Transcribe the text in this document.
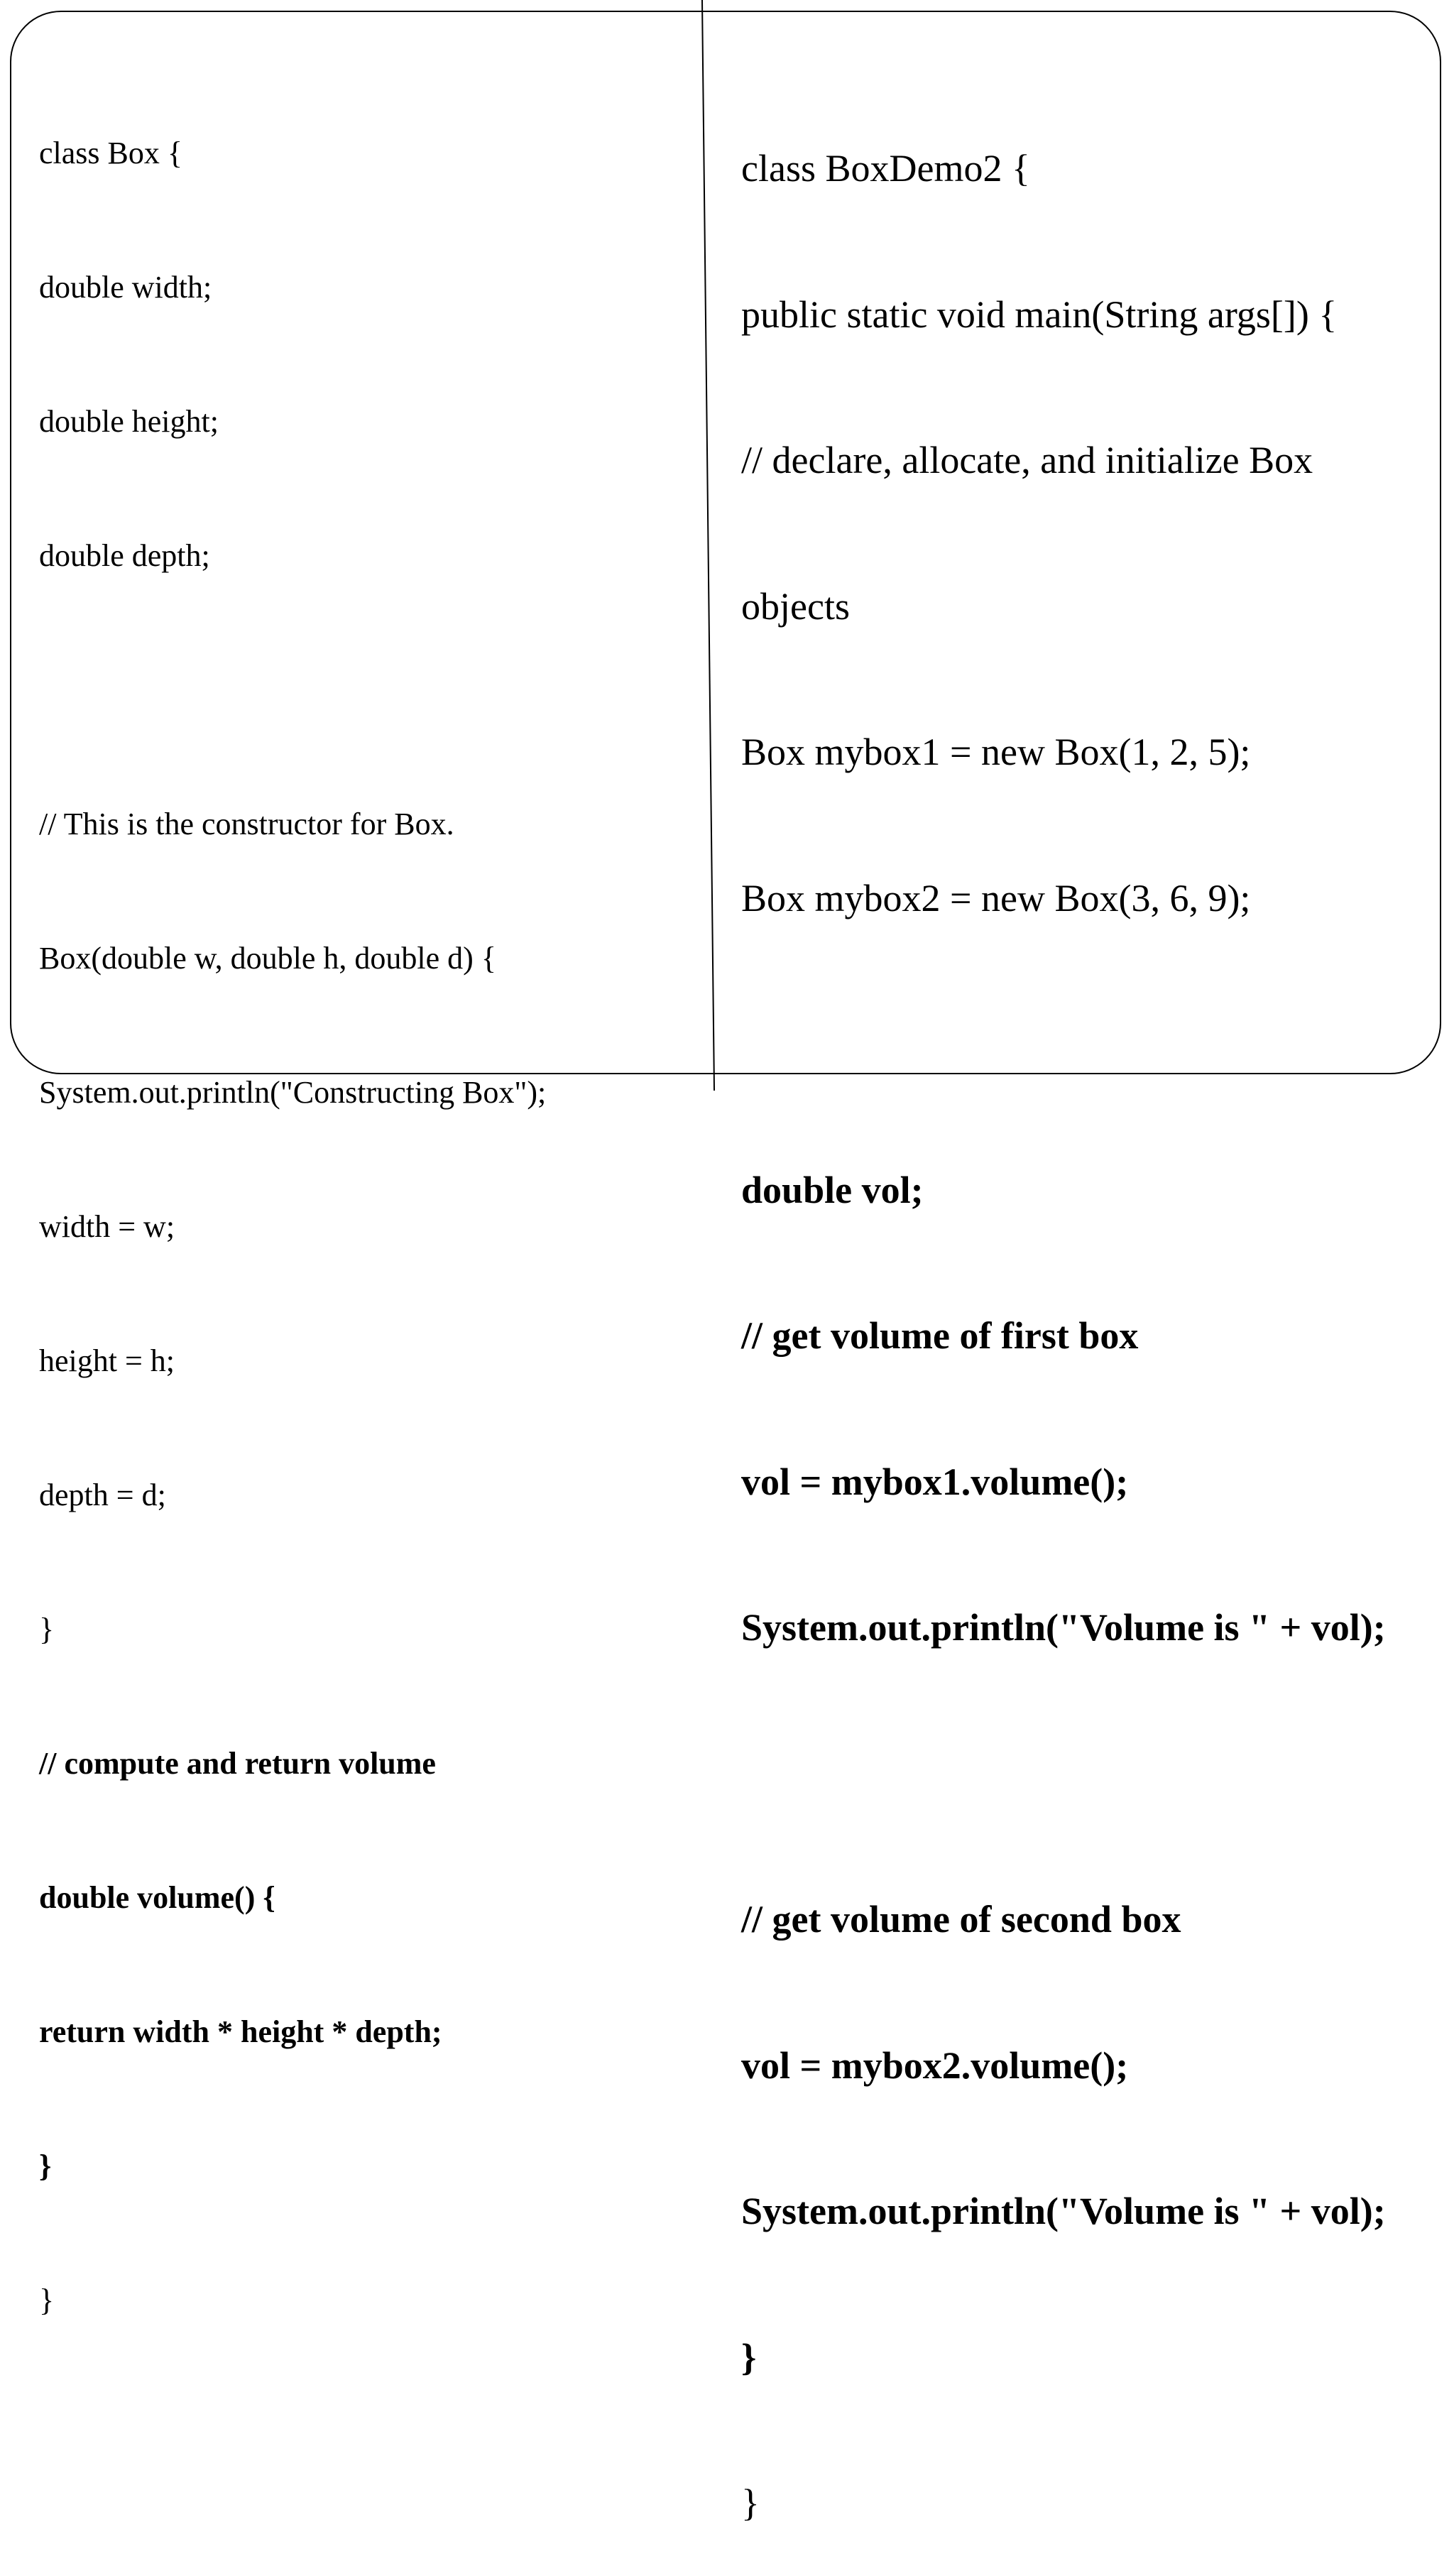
class Box {

double width;

double height;

double depth;

// This is the constructor for Box.

Box(double w, double h, double d) {

System.out.println("Constructing Box");

width = w;

height = h;

depth = d;

}

// compute and return volume

double volume() {

return width * height * depth;

}

}

class BoxDemo2 {

public static void main(String args[]) {

// declare, allocate, and initialize Box

objects

Box mybox1 = new Box(1, 2, 5);

Box mybox2 = new Box(3, 6, 9);

double vol;

// get volume of first box

vol = mybox1.volume();

System.out.println("Volume is " + vol);

// get volume of second box

vol = mybox2.volume();

System.out.println("Volume is " + vol);

}

}
